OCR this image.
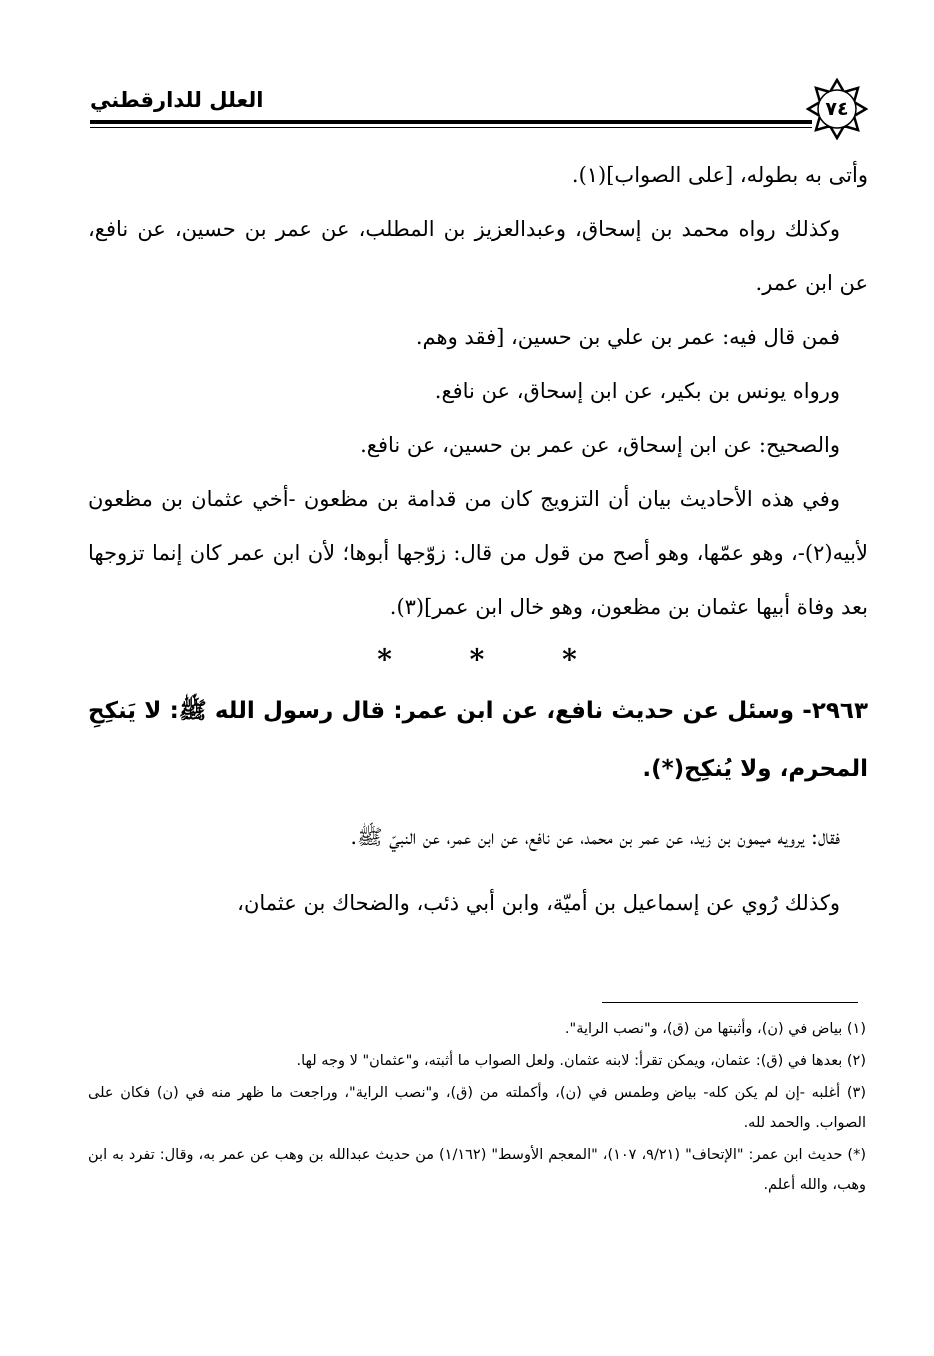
العلل للدارقطني	٧٤

وأتى به بطوله، [على الصواب](١).

وكذلك رواه محمد بن إسحاق، وعبدالعزيز بن المطلب، عن عمر بن حسين، عن نافع، عن ابن عمر.

فمن قال فيه: عمر بن علي بن حسين، [فقد وهم.

ورواه يونس بن بكير، عن ابن إسحاق، عن نافع.

والصحيح: عن ابن إسحاق، عن عمر بن حسين، عن نافع.

وفي هذه الأحاديث بيان أن التزويج كان من قدامة بن مظعون -أخي عثمان بن مظعون لأبيه(٢)-، وهو عمّها، وهو أصح من قول من قال: زوّجها أبوها؛ لأن ابن عمر كان إنما تزوجها بعد وفاة أبيها عثمان بن مظعون، وهو خال ابن عمر](٣).

*	*	*

٢٩٦٣- وسئل عن حديث نافع، عن ابن عمر: قال رسول الله ﷺ: لا يَنكِحِ المحرم، ولا يُنكِح(*).

فقال: يرويه ميمون بن زيد، عن عمر بن محمد، عن نافع، عن ابن عمر، عن النبيّ ﷺ.

وكذلك رُوي عن إسماعيل بن أميّة، وابن أبي ذئب، والضحاك بن عثمان،

(١) بياض في (ن)، وأثبتها من (ق)، و"نصب الراية".

(٢) بعدها في (ق): عثمان، ويمكن تقرأ: لابنه عثمان. ولعل الصواب ما أثبته، و"عثمان" لا وجه لها.

(٣) أغلبه -إن لم يكن كله- بياض وطمس في (ن)، وأكملته من (ق)، و"نصب الراية"، وراجعت ما ظهر منه في (ن) فكان على الصواب. والحمد لله.

(*) حديث ابن عمر: "الإتحاف" (٩/٢١، ١٠٧)، "المعجم الأوسط" (١/١٦٢) من حديث عبدالله بن وهب عن عمر به، وقال: تفرد به ابن وهب، والله أعلم.
